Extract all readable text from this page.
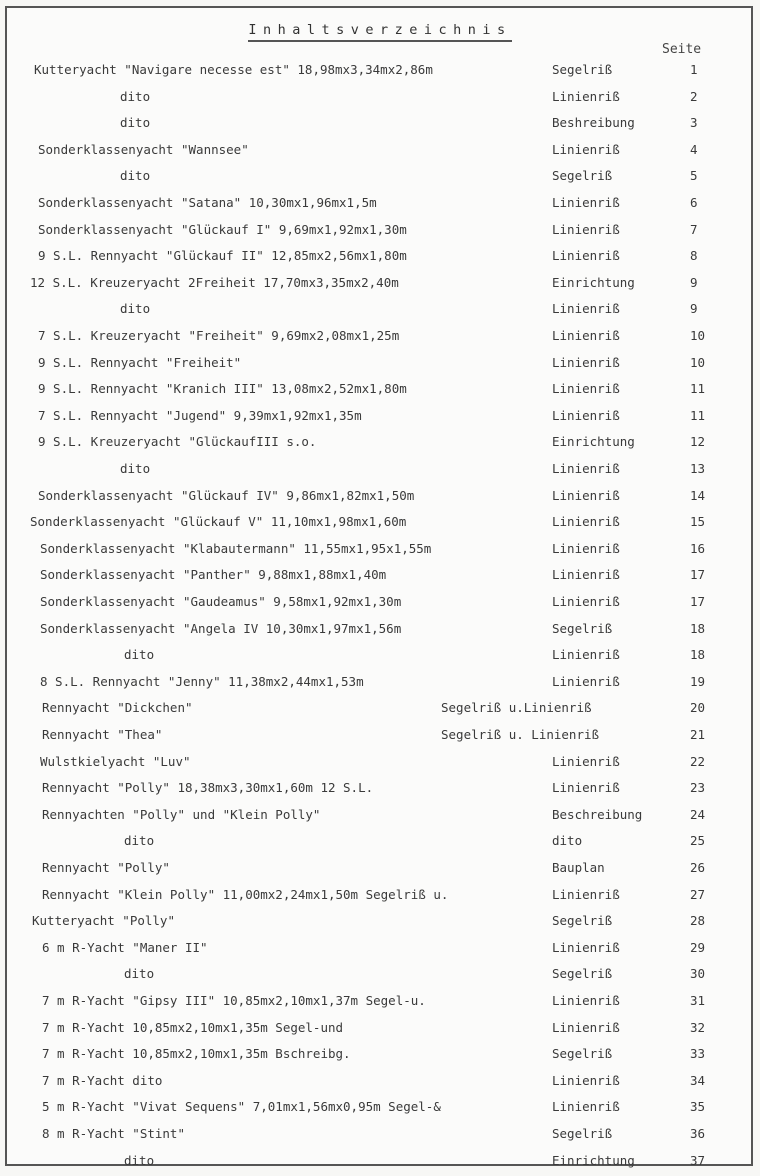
Inhaltsverzeichnis
Seite
Kutteryacht "Navigare necesse est" 18,98mx3,34mx2,86m	Segelriß	1
dito	Linienriß	2
dito	Beshreibung	3
Sonderklassenyacht "Wannsee"	Linienriß	4
dito	Segelriß	5
Sonderklassenyacht "Satana" 10,30mx1,96mx1,5m	Linienriß	6
Sonderklassenyacht "Glückauf I" 9,69mx1,92mx1,30m	Linienriß	7
9 S.L. Rennyacht "Glückauf II" 12,85mx2,56mx1,80m	Linienriß	8
12 S.L. Kreuzeryacht 2Freiheit 17,70mx3,35mx2,40m	Einrichtung	9
dito	Linienriß	9
7 S.L. Kreuzeryacht "Freiheit" 9,69mx2,08mx1,25m	Linienriß	10
9 S.L. Rennyacht "Freiheit"	Linienriß	10
9 S.L. Rennyacht "Kranich III" 13,08mx2,52mx1,80m	Linienriß	11
7 S.L. Rennyacht "Jugend" 9,39mx1,92mx1,35m	Linienriß	11
9 S.L. Kreuzeryacht "GlückaufIII s.o.	Einrichtung	12
dito	Linienriß	13
Sonderklassenyacht "Glückauf IV" 9,86mx1,82mx1,50m	Linienriß	14
Sonderklassenyacht "Glückauf V" 11,10mx1,98mx1,60m	Linienriß	15
Sonderklassenyacht "Klabautermann" 11,55mx1,95x1,55m	Linienriß	16
Sonderklassenyacht "Panther" 9,88mx1,88mx1,40m	Linienriß	17
Sonderklassenyacht "Gaudeamus" 9,58mx1,92mx1,30m	Linienriß	17
Sonderklassenyacht "Angela IV 10,30mx1,97mx1,56m	Segelriß	18
dito	Linienriß	18
8 S.L. Rennyacht "Jenny" 11,38mx2,44mx1,53m	Linienriß	19
Rennyacht "Dickchen"	Segelriß u.Linienriß	20
Rennyacht "Thea"	Segelriß u. Linienriß	21
Wulstkielyacht "Luv"	Linienriß	22
Rennyacht "Polly" 18,38mx3,30mx1,60m 12 S.L.	Linienriß	23
Rennyachten "Polly" und "Klein Polly"	Beschreibung	24
dito	dito	25
Rennyacht "Polly"	Bauplan	26
Rennyacht "Klein Polly" 11,00mx2,24mx1,50m Segelriß u.	Linienriß	27
Kutteryacht "Polly"	Segelriß	28
6 m R-Yacht "Maner II"	Linienriß	29
dito	Segelriß	30
7 m R-Yacht "Gipsy III" 10,85mx2,10mx1,37m Segel-u.	Linienriß	31
7 m R-Yacht 10,85mx2,10mx1,35m Segel-und	Linienriß	32
7 m R-Yacht 10,85mx2,10mx1,35m Bschreibg.	Segelriß	33
7 m R-Yacht dito	Linienriß	34
5 m R-Yacht "Vivat Sequens" 7,01mx1,56mx0,95m Segel-&	Linienriß	35
8 m R-Yacht "Stint"	Segelriß	36
dito	Einrichtung	37
